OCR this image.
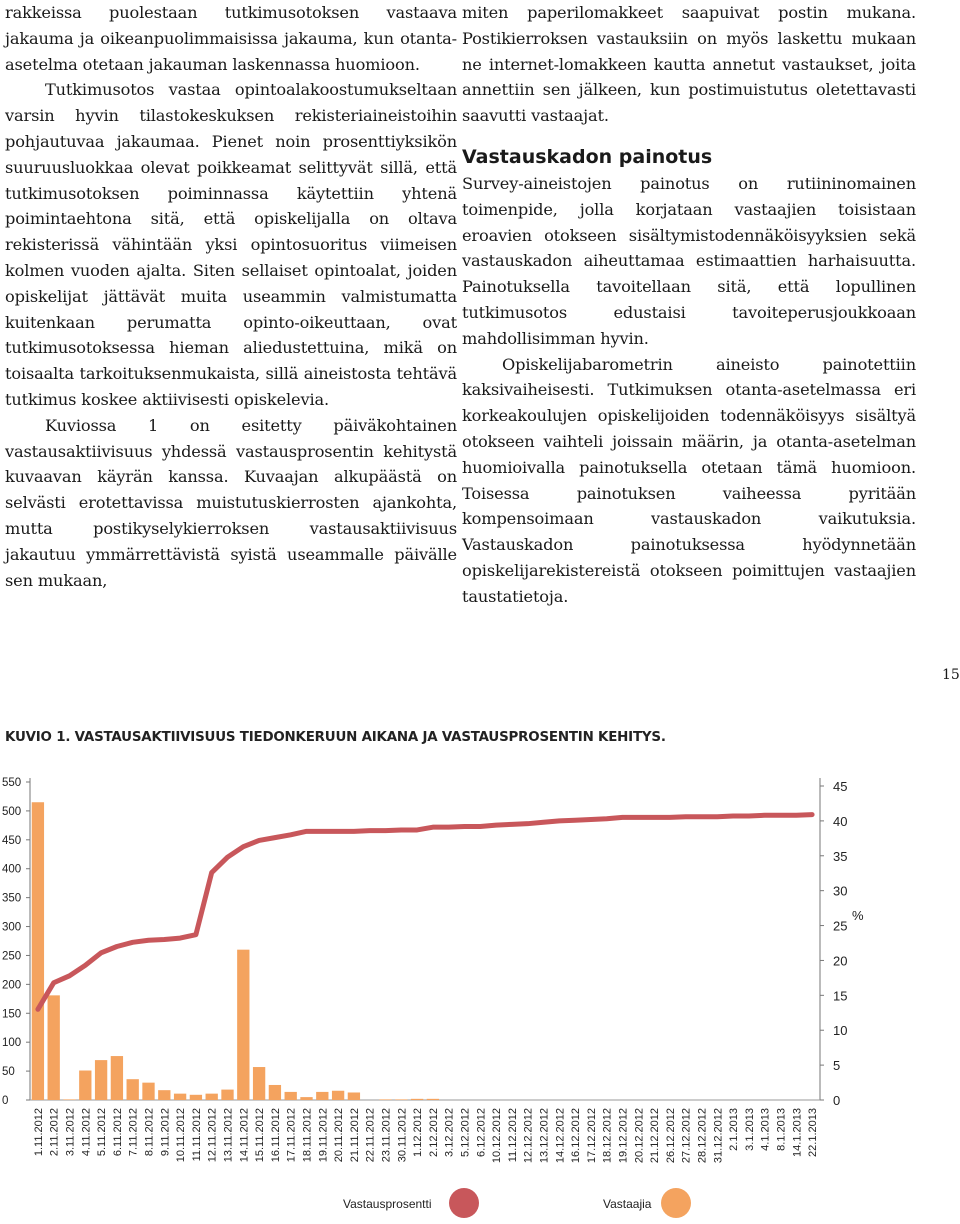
rakkeissa puolestaan tutkimusotoksen vastaava jakauma ja oikeanpuolimmaisissa jakauma, kun otanta-asetelma otetaan jakauman laskennassa huomioon.

Tutkimusotos vastaa opintoalakoostumukseltaan varsin hyvin tilastokeskuksen rekisteriaineistoihin pohjautuvaa jakaumaa. Pienet noin prosenttiyksikön suuruusluokkaa olevat poikkeamat selittyvät sillä, että tutkimusotoksen poiminnassa käytettiin yhtenä poimintaehtona sitä, että opiskelijalla on oltava rekisterissä vähintään yksi opintosuoritus viimeisen kolmen vuoden ajalta. Siten sellaiset opintoalat, joiden opiskelijat jättävät muita useammin valmistumatta kuitenkaan perumatta opinto-oikeuttaan, ovat tutkimusotoksessa hieman aliedustettuina, mikä on toisaalta tarkoituksenmukaista, sillä aineistosta tehtävä tutkimus koskee aktiivisesti opiskelevia.

Kuviossa 1 on esitetty päiväkohtainen vastausaktiivisuus yhdessä vastausprosentin kehitystä kuvaavan käyrän kanssa. Kuvaajan alkupäästä on selvästi erotettavissa muistutuskierrosten ajankohta, mutta postikyselykierroksen vastausaktiivisuus jakautuu ymmärrettävistä syistä useammalle päivälle sen mukaan,

miten paperilomakkeet saapuivat postin mukana. Postikierroksen vastauksiin on myös laskettu mukaan ne internet-lomakkeen kautta annetut vastaukset, joita annettiin sen jälkeen, kun postimuistutus oletettavasti saavutti vastaajat.

Vastauskadon painotus

Survey-aineistojen painotus on rutiininomainen toimenpide, jolla korjataan vastaajien toisistaan eroavien otokseen sisältymistodennäköisyyksien sekä vastauskadon aiheuttamaa estimaattien harhaisuutta. Painotuksella tavoitellaan sitä, että lopullinen tutkimusotos edustaisi tavoiteperusjoukkoaan mahdollisimman hyvin.

Opiskelijabarometrin aineisto painotettiin kaksivaiheisesti. Tutkimuksen otanta-asetelmassa eri korkeakoulujen opiskelijoiden todennäköisyys sisältyä otokseen vaihteli joissain määrin, ja otanta-asetelman huomioivalla painotuksella otetaan tämä huomioon. Toisessa painotuksen vaiheessa pyritään kompensoimaan vastauskadon vaikutuksia. Vastauskadon painotuksessa hyödynnetään opiskelijarekistereistä otokseen poimittujen vastaajien taustatietoja.

15
KUVIO 1. VASTAUSAKTIIVISUUS TIEDONKERUUN AIKANA JA VASTAUSPROSENTIN KEHITYS.
550
500
450
400
350
300
250
200
150
100
50
0
45
40
35
30
25
20
15
10
5
0
%
1.11.2012 2.11.2012 3.11.2012 4.11.2012 5.11.2012 6.11.2012 7.11.2012 8.11.2012 9.11.2012 10.11.2012 11.11.2012 12.11.2012 13.11.2012 14.11.2012 15.11.2012 16.11.2012 17.11.2012 18.11.2012 19.11.2012 20.11.2012 21.11.2012 22.11.2012 23.11.2012 30.11.2012 1.12.2012 2.12.2012 3.12.2012 5.12.2012 6.12.2012 10.12.2012 11.12.2012 12.12.2012 13.12.2012 14.12.2012 16.12.2012 17.12.2012 18.12.2012 19.12.2012 20.12.2012 21.12.2012 26.12.2012 27.12.2012 28.12.2012 31.12.2012 2.1.2013 3.1.2013 4.1.2013 8.1.2013 14.1.2013 22.1.2013
Vastausprosentti	Vastaajia
